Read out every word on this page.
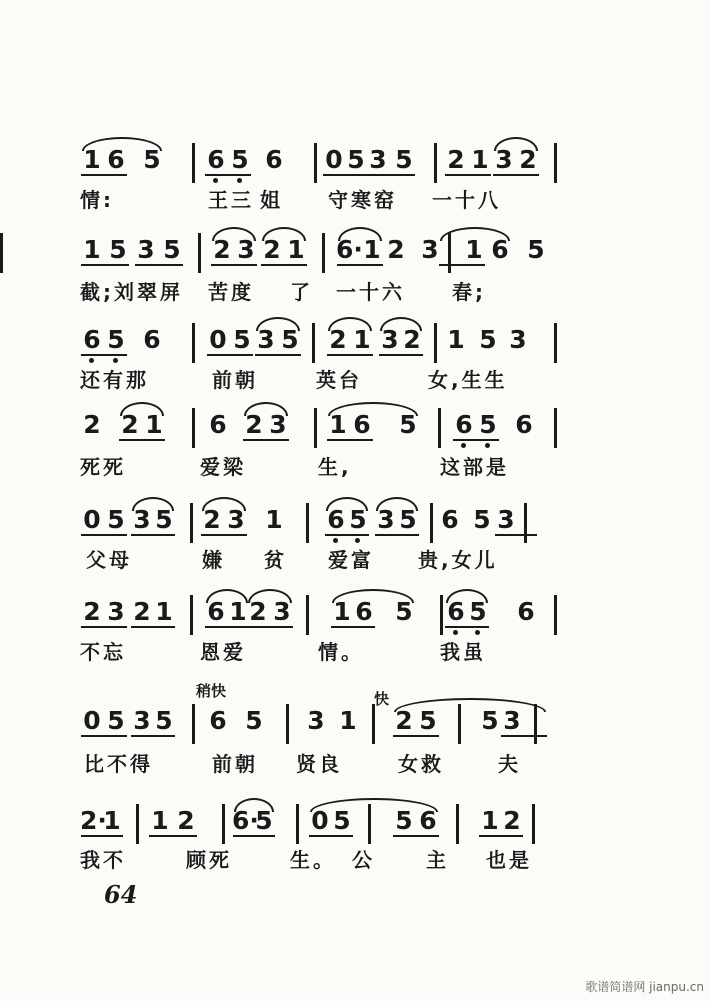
1 6 5 6 5 6 0 5 3 5 2 1 3 2
情:	王三 姐 守寒窑 一十八
1 5 3 5 2 3 2 1 6· 1 2 3 1 6 5
截;刘翠屏 苦度 了 一十六 春;
6 5 6 0 5 3 5 2 1 3 2 1 5 3
还有那	前朝	英台	女,生生
2 2 1 6 2 3 1 6 5 6 5 6
死死	爱梁	生,	这部是
0 5 3 5 2 3 1 6 5 3 5 6 5 3
父母	嫌 贫 爱富 贵,女儿
2 3 2 1 6 1 2 3 1 6 5 6 5 6
不忘	恩爱	情。	我虽
0 5 3 5 6 5 3 1 2 5 5 3
比不得	前朝 贤良	女救	夫
2·
1 1 2 6·
5 0 5 5 6 1 2
我不	顾死	生。 公	主 也是
稍快	快
64
歌谱简谱网 jianpu.cn
